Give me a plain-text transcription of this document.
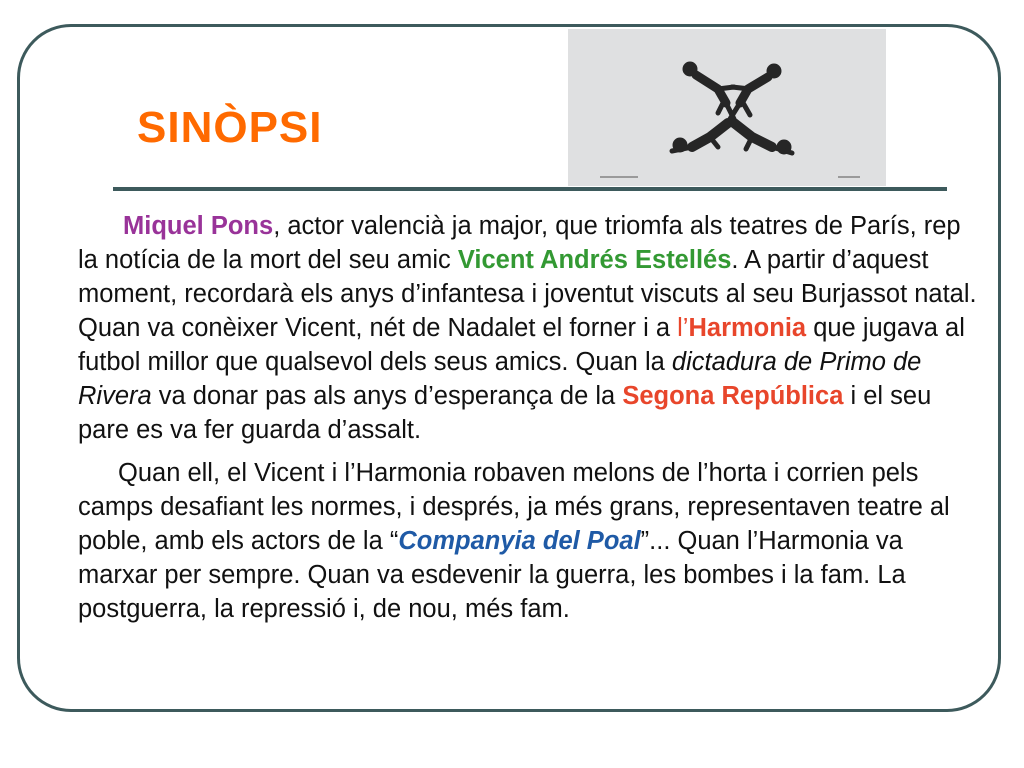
SINÒPSI

Miquel Pons, actor valencià ja major, que triomfa als teatres de París, rep la notícia de la mort del seu amic Vicent Andrés Estellés. A partir d’aquest moment, recordarà els anys d’infantesa i joventut viscuts al seu Burjassot natal. Quan va conèixer Vicent, nét de Nadalet el forner i a l’Harmonia que jugava al futbol millor que qualsevol dels seus amics. Quan la dictadura de Primo de Rivera va donar pas als anys d’esperança de la Segona República i el seu pare es va fer guarda d’assalt.

Quan ell, el Vicent i l’Harmonia robaven melons de l’horta i corrien pels camps desafiant les normes, i després, ja més grans, representaven teatre al poble, amb els actors de la “Companyia del Poal”... Quan l’Harmonia va marxar per sempre. Quan va esdevenir la guerra, les bombes i la fam. La postguerra, la repressió i, de nou, més fam.
